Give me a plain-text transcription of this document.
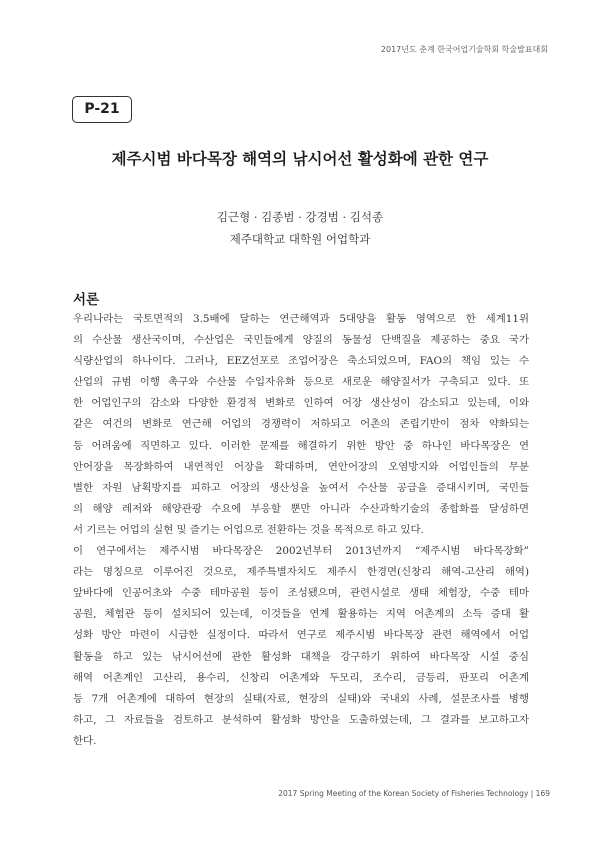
2017년도 춘계 한국어업기술학회 학술발표대회
P-21
제주시범 바다목장 해역의 낚시어선 활성화에 관한 연구
김근형 · 김종범 · 강경범 · 김석종
제주대학교 대학원 어업학과
서론
우리나라는 국토면적의 3.5배에 달하는 연근해역과 5대양을 활동 영역으로 한 세계11위
의 수산물 생산국이며, 수산업은 국민들에게 양질의 동물성 단백질을 제공하는 중요 국가
식량산업의 하나이다. 그러나, EEZ선포로 조업어장은 축소되었으며, FAO의 책임 있는 수
산업의 규범 이행 촉구와 수산물 수입자유화 등으로 새로운 해양질서가 구축되고 있다. 또
한 어업인구의 감소와 다양한 환경적 변화로 인하여 어장 생산성이 감소되고 있는데, 이와
같은 여건의 변화로 연근해 어업의 경쟁력이 저하되고 어촌의 존립기반이 점차 약화되는
등 어려움에 직면하고 있다. 이러한 문제를 해결하기 위한 방안 중 하나인 바다목장은 연
안어장을 목장화하여 내연적인 어장을 확대하며, 연안어장의 오염방지와 어업인들의 무분
별한 자원 남획방지를 피하고 어장의 생산성을 높여서 수산물 공급을 증대시키며, 국민들
의 해양 레저와 해양관광 수요에 부응할 뿐만 아니라 수산과학기술의 종합화를 달성하면
서 기르는 어업의 실현 및 즐기는 어업으로 전환하는 것을 목적으로 하고 있다.
이 연구에서는 제주시범 바다목장은 2002년부터 2013년까지 “제주시범 바다목장화”
라는 명칭으로 이루어진 것으로, 제주특별자치도 제주시 한경면(신창리 해역-고산리 해역)
앞바다에 인공어초와 수중 테마공원 등이 조성됐으며, 관련시설로 생태 체험장, 수중 테마
공원, 체험관 등이 설치되어 있는데, 이것들을 연계 활용하는 지역 어촌계의 소득 증대 활
성화 방안 마련이 시급한 실정이다. 따라서 연구로 제주시범 바다목장 관련 해역에서 어업
활동을 하고 있는 낚시어선에 관한 활성화 대책을 강구하기 위하여 바다목장 시설 중심
해역 어촌계인 고산리, 용수리, 신창리 어촌계와 두모리, 조수리, 금등리, 판포리 어촌계
등 7개 어촌계에 대하여 현장의 실태(자료, 현장의 실태)와 국내외 사례, 설문조사를 병행
하고, 그 자료들을 검토하고 분석하여 활성화 방안을 도출하였는데, 그 결과를 보고하고자
한다.
2017 Spring Meeting of the Korean Society of Fisheries Technology | 169
